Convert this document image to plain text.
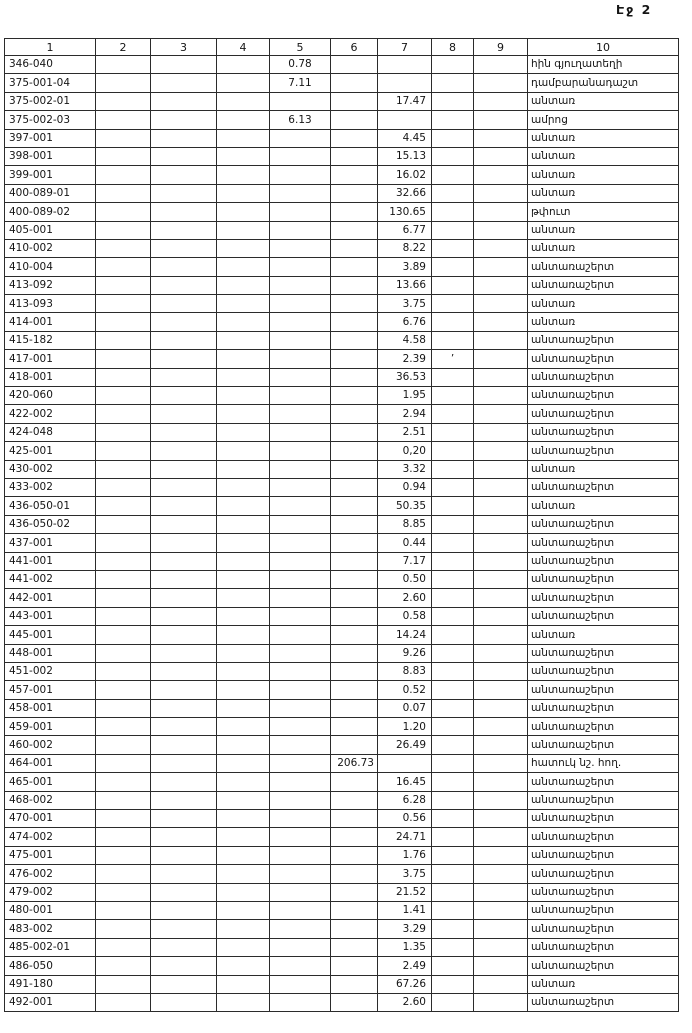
Էջ 2
1	2	3	4	5	6	7	8	9	10
346-040				0.78					հին գյուղատեղի
375-001-04				7.11					դամբարանադաշտ
375-002-01						17.47			անտառ
375-002-03				6.13					ամրոց
397-001						4.45			անտառ
398-001						15.13			անտառ
399-001						16.02			անտառ
400-089-01						32.66			անտառ
400-089-02						130.65			թփուտ
405-001						6.77			անտառ
410-002						8.22			անտառ
410-004						3.89			անտառաշերտ
413-092						13.66			անտառաշերտ
413-093						3.75			անտառ
414-001						6.76			անտառ
415-182						4.58			անտառաշերտ
417-001						2.39	’		անտառաշերտ
418-001						36.53			անտառաշերտ
420-060						1.95			անտառաշերտ
422-002						2.94			անտառաշերտ
424-048						2.51			անտառաշերտ
425-001						0,20			անտառաշերտ
430-002						3.32			անտառ
433-002						0.94			անտառաշերտ
436-050-01						50.35			անտառ
436-050-02						8.85			անտառաշերտ
437-001						0.44			անտառաշերտ
441-001						7.17			անտառաշերտ
441-002						0.50			անտառաշերտ
442-001						2.60			անտառաշերտ
443-001						0.58			անտառաշերտ
445-001						14.24			անտառ
448-001						9.26			անտառաշերտ
451-002						8.83			անտառաշերտ
457-001						0.52			անտառաշերտ
458-001						0.07			անտառաշերտ
459-001						1.20			անտառաշերտ
460-002						26.49			անտառաշերտ
464-001					206.73				հատուկ նշ. հող.
465-001						16.45			անտառաշերտ
468-002						6.28			անտառաշերտ
470-001						0.56			անտառաշերտ
474-002						24.71			անտառաշերտ
475-001						1.76			անտառաշերտ
476-002						3.75			անտառաշերտ
479-002						21.52			անտառաշերտ
480-001						1.41			անտառաշերտ
483-002						3.29			անտառաշերտ
485-002-01						1.35			անտառաշերտ
486-050						2.49			անտառաշերտ
491-180						67.26			անտառ
492-001						2.60			անտառաշերտ
